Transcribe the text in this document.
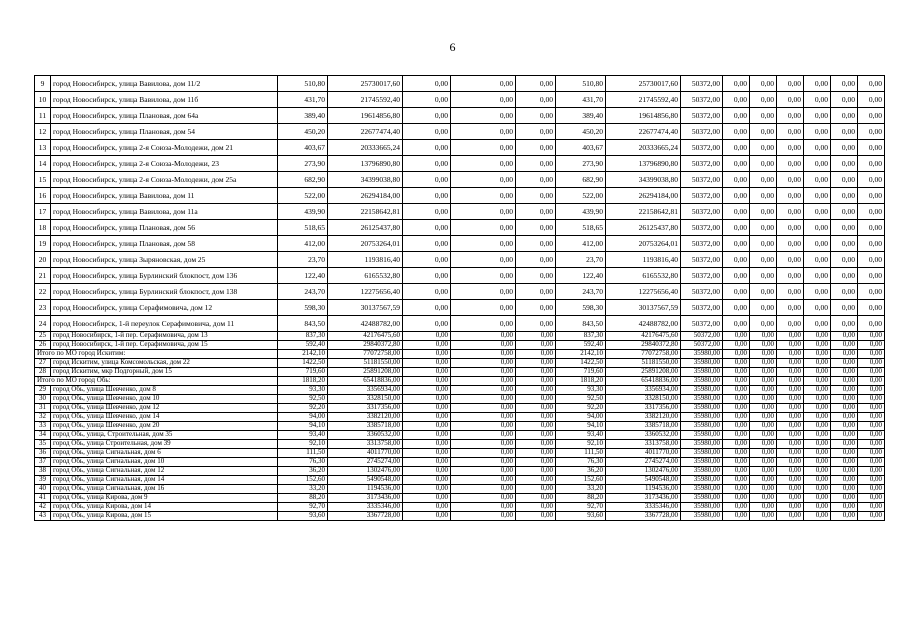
6
9	город Новосибирск, улица Вавилова, дом 11/2	510,80	25730017,60	0,00	0,00	0,00	510,80	25730017,60	50372,00	0,00	0,00	0,00	0,00	0,00	0,00
10	город Новосибирск, улица Вавилова, дом 11б	431,70	21745592,40	0,00	0,00	0,00	431,70	21745592,40	50372,00	0,00	0,00	0,00	0,00	0,00	0,00
11	город Новосибирск, улица Плановая, дом 64а	389,40	19614856,80	0,00	0,00	0,00	389,40	19614856,80	50372,00	0,00	0,00	0,00	0,00	0,00	0,00
12	город Новосибирск, улица Плановая, дом 54	450,20	22677474,40	0,00	0,00	0,00	450,20	22677474,40	50372,00	0,00	0,00	0,00	0,00	0,00	0,00
13	город Новосибирск, улица 2-я Союза-Молодежи, дом 21	403,67	20333665,24	0,00	0,00	0,00	403,67	20333665,24	50372,00	0,00	0,00	0,00	0,00	0,00	0,00
14	город Новосибирск, улица 2-я Союза-Молодежи, 23	273,90	13796890,80	0,00	0,00	0,00	273,90	13796890,80	50372,00	0,00	0,00	0,00	0,00	0,00	0,00
15	город Новосибирск, улица 2-я Союза-Молодежи, дом 25а	682,90	34399038,80	0,00	0,00	0,00	682,90	34399038,80	50372,00	0,00	0,00	0,00	0,00	0,00	0,00
16	город Новосибирск, улица Вавилова, дом 11	522,00	26294184,00	0,00	0,00	0,00	522,00	26294184,00	50372,00	0,00	0,00	0,00	0,00	0,00	0,00
17	город Новосибирск, улица Вавилова, дом 11а	439,90	22158642,81	0,00	0,00	0,00	439,90	22158642,81	50372,00	0,00	0,00	0,00	0,00	0,00	0,00
18	город Новосибирск, улица Плановая, дом 56	518,65	26125437,80	0,00	0,00	0,00	518,65	26125437,80	50372,00	0,00	0,00	0,00	0,00	0,00	0,00
19	город Новосибирск, улица Плановая, дом 58	412,00	20753264,01	0,00	0,00	0,00	412,00	20753264,01	50372,00	0,00	0,00	0,00	0,00	0,00	0,00
20	город Новосибирск, улица Зыряновская, дом 25	23,70	1193816,40	0,00	0,00	0,00	23,70	1193816,40	50372,00	0,00	0,00	0,00	0,00	0,00	0,00
21	город Новосибирск, улица Бурлинский блокпост, дом 136	122,40	6165532,80	0,00	0,00	0,00	122,40	6165532,80	50372,00	0,00	0,00	0,00	0,00	0,00	0,00
22	город Новосибирск, улица Бурлинский блокпост, дом 138	243,70	12275656,40	0,00	0,00	0,00	243,70	12275656,40	50372,00	0,00	0,00	0,00	0,00	0,00	0,00
23	город Новосибирск, улица Серафимовича, дом 12	598,30	30137567,59	0,00	0,00	0,00	598,30	30137567,59	50372,00	0,00	0,00	0,00	0,00	0,00	0,00
24	город Новосибирск, 1-й переулок Серафимовича, дом 11	843,50	42488782,00	0,00	0,00	0,00	843,50	42488782,00	50372,00	0,00	0,00	0,00	0,00	0,00	0,00
25	город Новосибирск, 1-й пер. Серафимовича, дом 13	837,30	42176475,60	0,00	0,00	0,00	837,30	42176475,60	50372,00	0,00	0,00	0,00	0,00	0,00	0,00
26	город Новосибирск, 1-й пер. Серафимовича, дом 15	592,40	29840372,80	0,00	0,00	0,00	592,40	29840372,80	50372,00	0,00	0,00	0,00	0,00	0,00	0,00
Итого по МО город Искитим:		2142,10	77072758,00	0,00	0,00	0,00	2142,10	77072758,00	35980,00	0,00	0,00	0,00	0,00	0,00	0,00
27	город Искитим, улица Комсомольская, дом 22	1422,50	51181550,00	0,00	0,00	0,00	1422,50	51181550,00	35980,00	0,00	0,00	0,00	0,00	0,00	0,00
28	город Искитим, мкр Подгорный, дом 15	719,60	25891208,00	0,00	0,00	0,00	719,60	25891208,00	35980,00	0,00	0,00	0,00	0,00	0,00	0,00
Итого по МО город Обь:		1818,20	65418836,00	0,00	0,00	0,00	1818,20	65418836,00	35980,00	0,00	0,00	0,00	0,00	0,00	0,00
29	город Обь, улица Шевченко, дом 8	93,30	3356934,00	0,00	0,00	0,00	93,30	3356934,00	35980,00	0,00	0,00	0,00	0,00	0,00	0,00
30	город Обь, улица Шевченко, дом 10	92,50	3328150,00	0,00	0,00	0,00	92,50	3328150,00	35980,00	0,00	0,00	0,00	0,00	0,00	0,00
31	город Обь, улица Шевченко, дом 12	92,20	3317356,00	0,00	0,00	0,00	92,20	3317356,00	35980,00	0,00	0,00	0,00	0,00	0,00	0,00
32	город Обь, улица Шевченко, дом 14	94,00	3382120,00	0,00	0,00	0,00	94,00	3382120,00	35980,00	0,00	0,00	0,00	0,00	0,00	0,00
33	город Обь, улица Шевченко, дом 20	94,10	3385718,00	0,00	0,00	0,00	94,10	3385718,00	35980,00	0,00	0,00	0,00	0,00	0,00	0,00
34	город Обь, улица, Строительная, дом 35	93,40	3360532,00	0,00	0,00	0,00	93,40	3360532,00	35980,00	0,00	0,00	0,00	0,00	0,00	0,00
35	город Обь, улица Строительная, дом 39	92,10	3313758,00	0,00	0,00	0,00	92,10	3313758,00	35980,00	0,00	0,00	0,00	0,00	0,00	0,00
36	город Обь, улица Сигнальная, дом 6	111,50	4011770,00	0,00	0,00	0,00	111,50	4011770,00	35980,00	0,00	0,00	0,00	0,00	0,00	0,00
37	город Обь, улица Сигнальная, дом 10	76,30	2745274,00	0,00	0,00	0,00	76,30	2745274,00	35980,00	0,00	0,00	0,00	0,00	0,00	0,00
38	город Обь, улица Сигнальная, дом 12	36,20	1302476,00	0,00	0,00	0,00	36,20	1302476,00	35980,00	0,00	0,00	0,00	0,00	0,00	0,00
39	город Обь, улица Сигнальная, дом 14	152,60	5490548,00	0,00	0,00	0,00	152,60	5490548,00	35980,00	0,00	0,00	0,00	0,00	0,00	0,00
40	город Обь, улица Сигнальная, дом 16	33,20	1194536,00	0,00	0,00	0,00	33,20	1194536,00	35980,00	0,00	0,00	0,00	0,00	0,00	0,00
41	город Обь, улица Кирова, дом 9	88,20	3173436,00	0,00	0,00	0,00	88,20	3173436,00	35980,00	0,00	0,00	0,00	0,00	0,00	0,00
42	город Обь, улица Кирова, дом 14	92,70	3335346,00	0,00	0,00	0,00	92,70	3335346,00	35980,00	0,00	0,00	0,00	0,00	0,00	0,00
43	город Обь, улица Кирова, дом 15	93,60	3367728,00	0,00	0,00	0,00	93,60	3367728,00	35980,00	0,00	0,00	0,00	0,00	0,00	0,00
